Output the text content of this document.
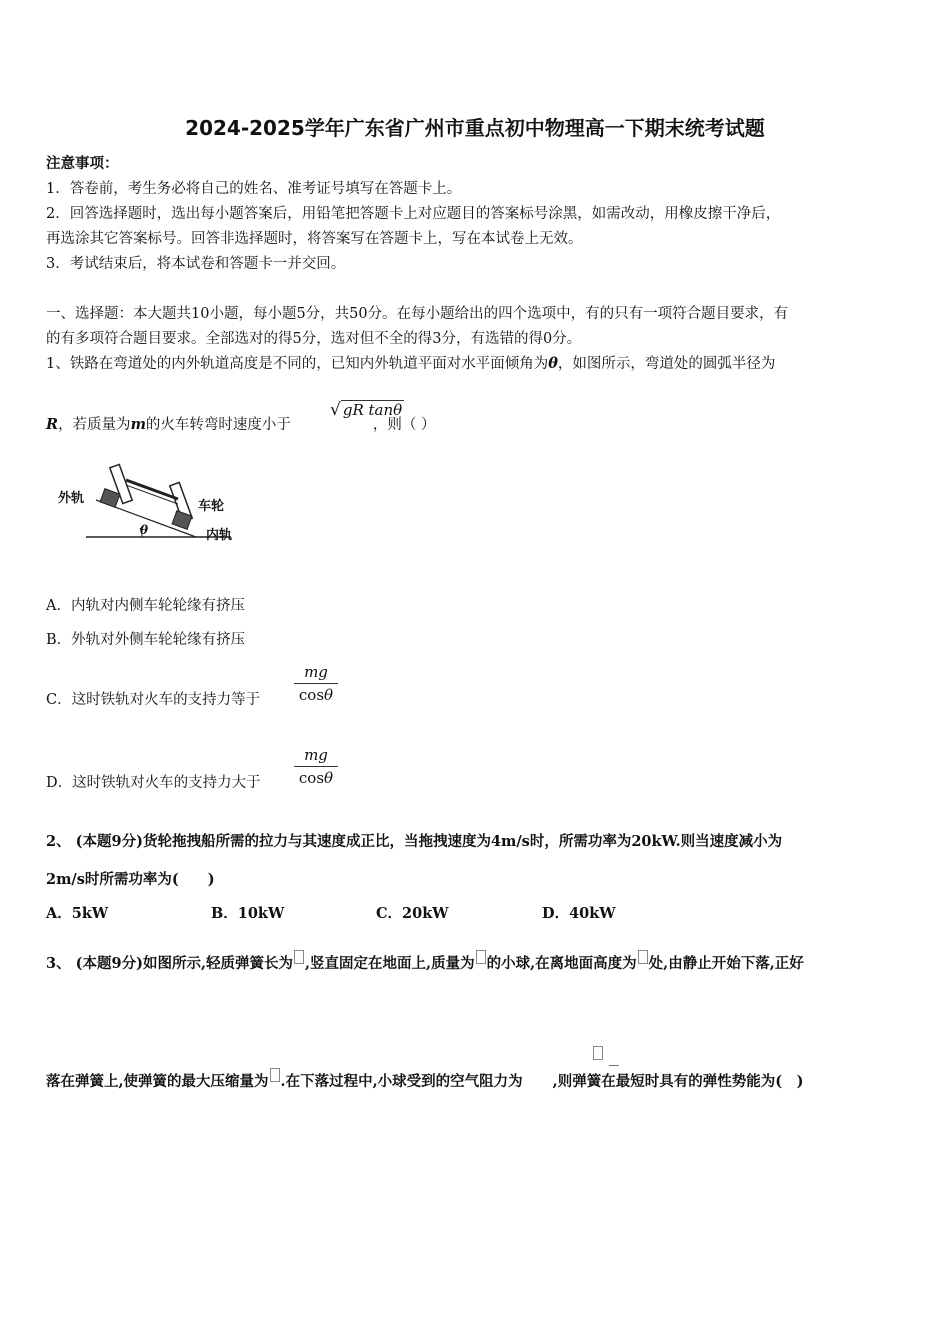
2024-2025学年广东省广州市重点初中物理高一下期末统考试题
注意事项：
1．答卷前，考生务必将自己的姓名、准考证号填写在答题卡上。
2．回答选择题时，选出每小题答案后，用铅笔把答题卡上对应题目的答案标号涂黑，如需改动，用橡皮擦干净后，
再选涂其它答案标号。回答非选择题时，将答案写在答题卡上，写在本试卷上无效。
3．考试结束后，将本试卷和答题卡一并交回。
一、选择题：本大题共10小题，每小题5分，共50分。在每小题给出的四个选项中，有的只有一项符合题目要求，有
的有多项符合题目要求。全部选对的得5分，选对但不全的得3分，有选错的得0分。
1、铁路在弯道处的内外轨道高度是不同的，已知内外轨道平面对水平面倾角为θ，如图所示，弯道处的圆弧半径为
R，若质量为m的火车转弯时速度小于	，则（ ）
√ gR tanθ
外轨
车轮
内轨
θ
A．内轨对内侧车轮轮缘有挤压
B．外轨对外侧车轮轮缘有挤压
C．这时铁轨对火车的支持力等于 $\frac{mg}{\cos\theta}$
D．这时铁轨对火车的支持力大于 $\frac{mg}{\cos\theta}$
2、 (本题9分)货轮拖拽船所需的拉力与其速度成正比，当拖拽速度为4m/s时，所需功率为20kW.则当速度减小为
2m/s时所需功率为(　　)
A．5kW	B．10kW	C．20kW	D．40kW
3、 (本题9分)如图所示,轻质弹簧长为 ,竖直固定在地面上,质量为 的小球,在离地面高度为 处,由静止开始下落,正好
落在弹簧上,使弹簧的最大压缩量为 .在下落过程中,小球受到的空气阻力为 ,则弹簧在最短时具有的弹性势能为(　)
